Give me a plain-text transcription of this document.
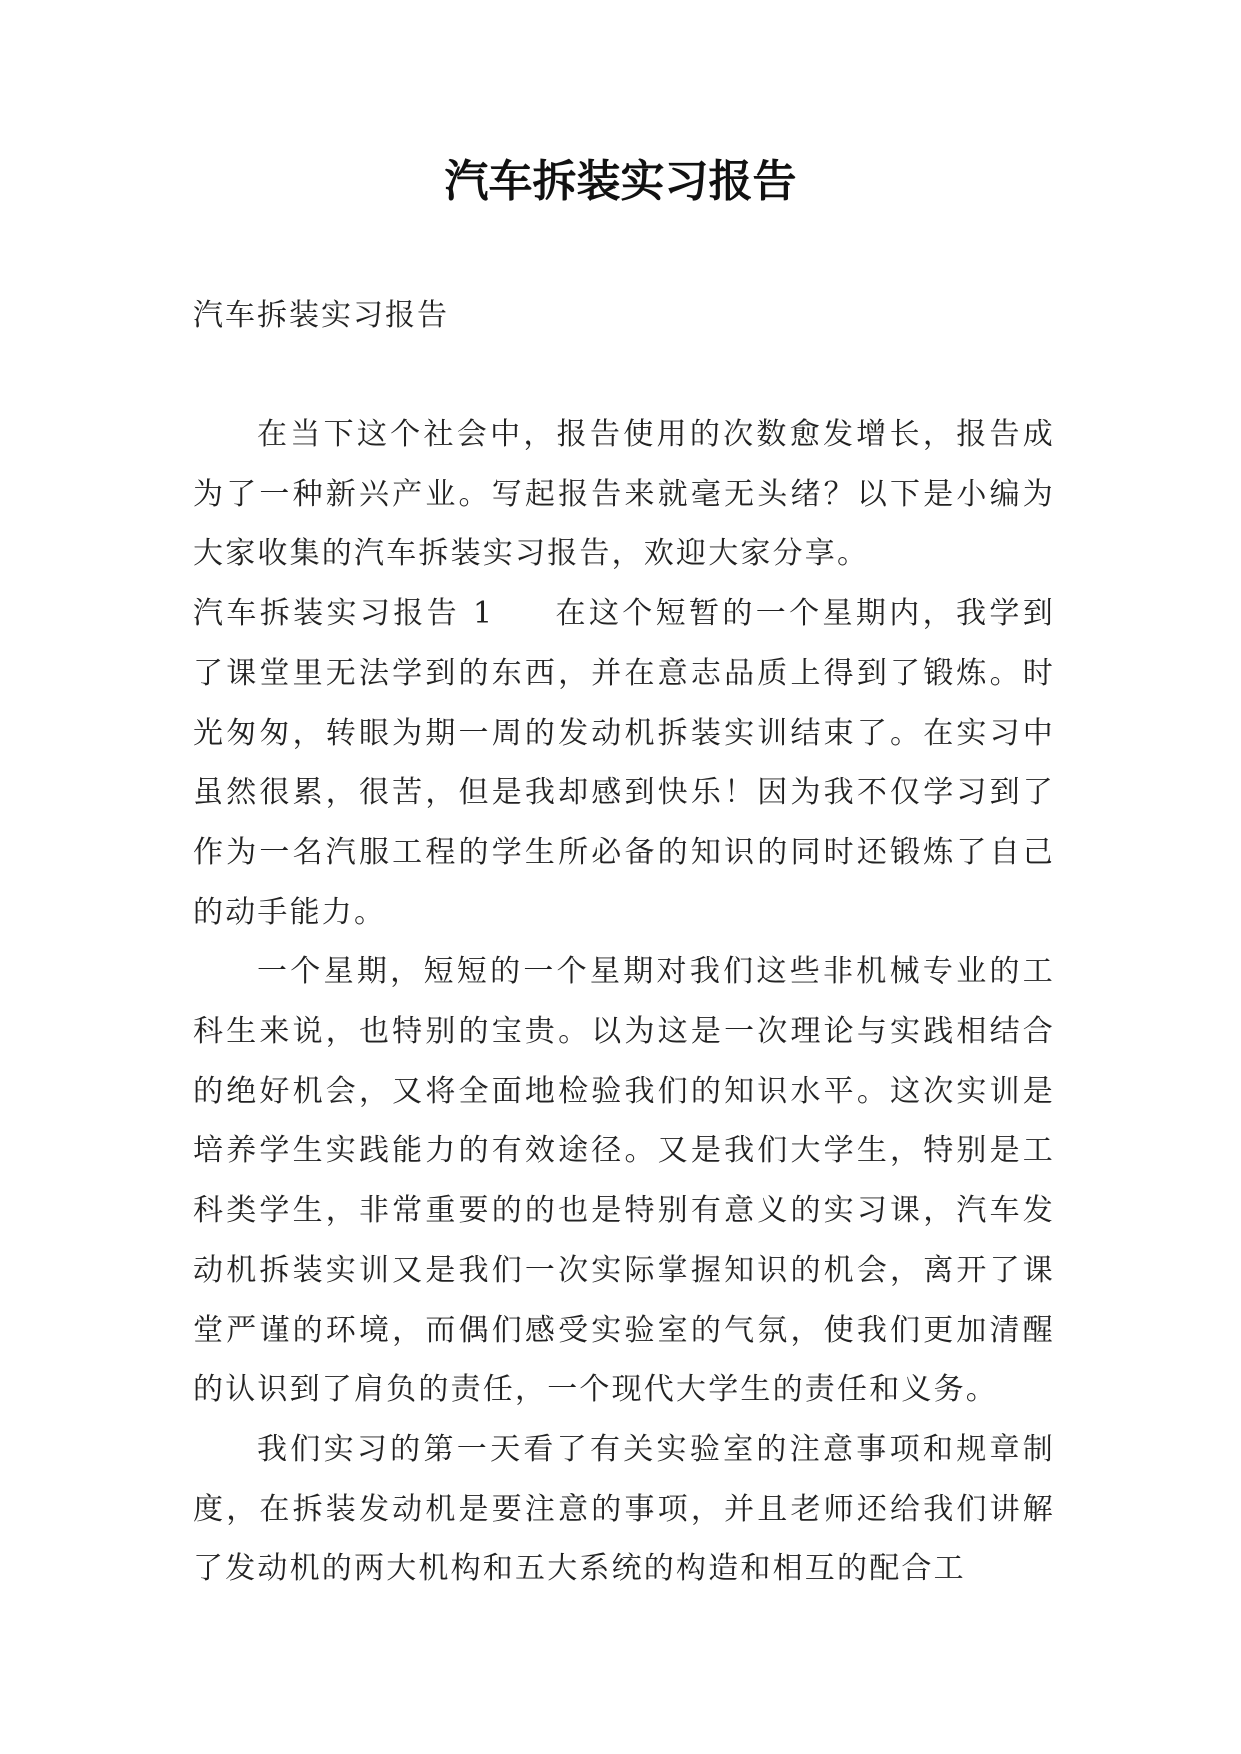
汽车拆装实习报告

汽车拆装实习报告

在当下这个社会中，报告使用的次数愈发增长，报告成为了一种新兴产业。写起报告来就毫无头绪？以下是小编为大家收集的汽车拆装实习报告，欢迎大家分享。

汽车拆装实习报告 1 在这个短暂的一个星期内，我学到了课堂里无法学到的东西，并在意志品质上得到了锻炼。时光匆匆，转眼为期一周的发动机拆装实训结束了。在实习中虽然很累，很苦，但是我却感到快乐！因为我不仅学习到了作为一名汽服工程的学生所必备的知识的同时还锻炼了自己的动手能力。

一个星期，短短的一个星期对我们这些非机械专业的工科生来说，也特别的宝贵。以为这是一次理论与实践相结合的绝好机会，又将全面地检验我们的知识水平。这次实训是培养学生实践能力的有效途径。又是我们大学生，特别是工科类学生，非常重要的的也是特别有意义的实习课，汽车发动机拆装实训又是我们一次实际掌握知识的机会，离开了课堂严谨的环境，而偶们感受实验室的气氛，使我们更加清醒的认识到了肩负的责任，一个现代大学生的责任和义务。

我们实习的第一天看了有关实验室的注意事项和规章制度，在拆装发动机是要注意的事项，并且老师还给我们讲解了发动机的两大机构和五大系统的构造和相互的配合工
